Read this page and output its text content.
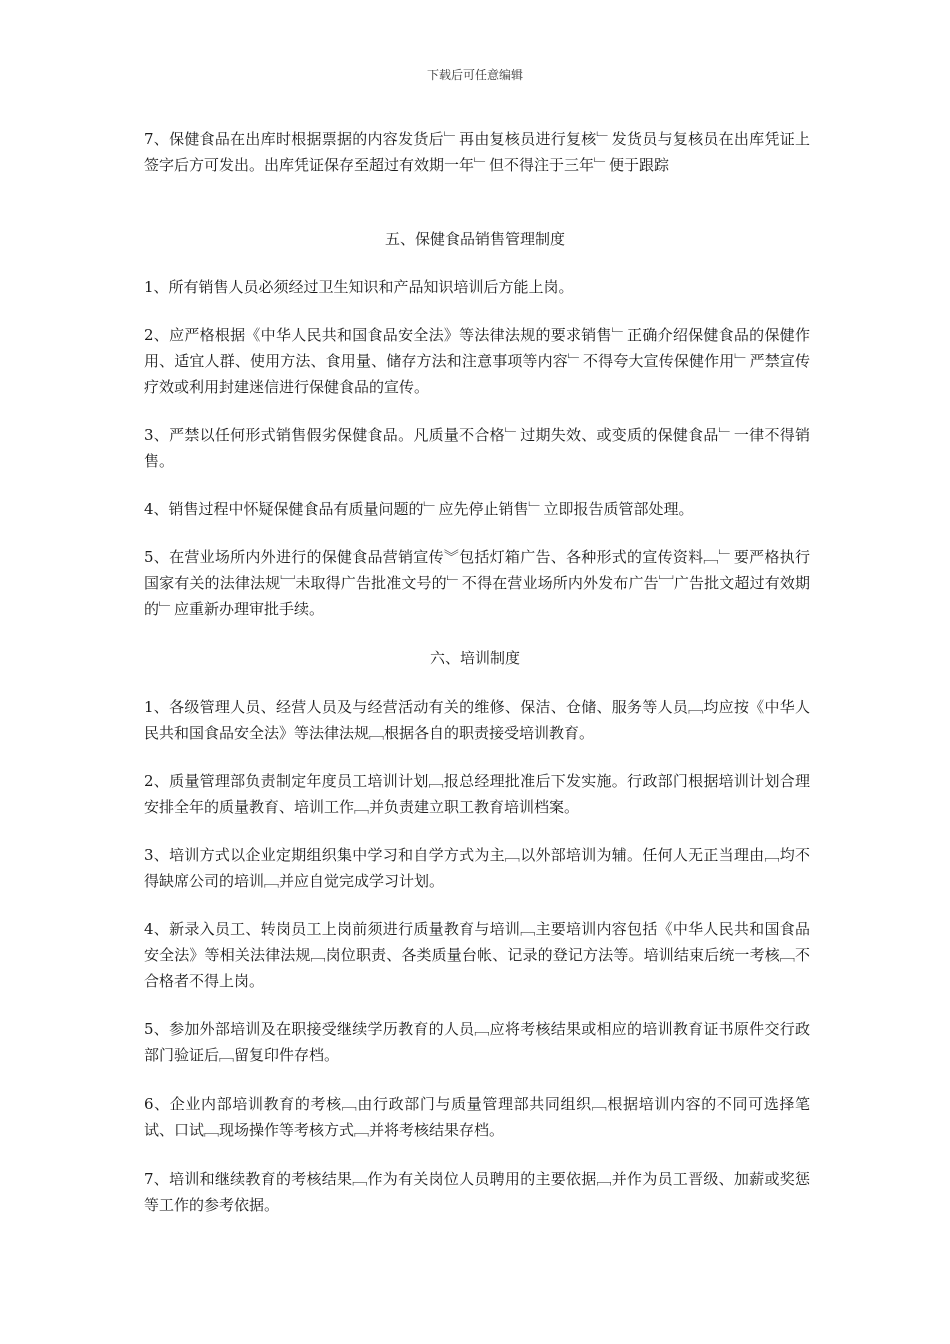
下载后可任意编辑

7、保健食品在出库时根据票据的内容发货后﹂再由复核员进行复核﹂发货员与复核员在出库凭证上签字后方可发出。出库凭证保存至超过有效期一年﹂但不得注于三年﹂便于跟踪

五、保健食品销售管理制度

1、所有销售人员必须经过卫生知识和产品知识培训后方能上岗。

2、应严格根据《中华人民共和国食品安全法》等法律法规的要求销售﹂正确介绍保健食品的保健作用、适宜人群、使用方法、食用量、储存方法和注意事项等内容﹂不得夸大宣传保健作用﹂严禁宣传疗效或利用封建迷信进行保健食品的宣传。

3、严禁以任何形式销售假劣保健食品。凡质量不合格﹂过期失效、或变质的保健食品﹂一律不得销售。

4、销售过程中怀疑保健食品有质量问题的﹂应先停止销售﹂立即报告质管部处理。

5、在营业场所内外进行的保健食品营销宣传︾包括灯箱广告、各种形式的宣传资料﹇﹂要严格执行国家有关的法律法规﹈未取得广告批准文号的﹂不得在营业场所内外发布广告﹈广告批文超过有效期的﹂应重新办理审批手续。

六、培训制度

1、各级管理人员、经营人员及与经营活动有关的维修、保洁、仓储、服务等人员﹇均应按《中华人民共和国食品安全法》等法律法规﹇根据各自的职责接受培训教育。

2、质量管理部负责制定年度员工培训计划﹇报总经理批准后下发实施。行政部门根据培训计划合理安排全年的质量教育、培训工作﹇并负责建立职工教育培训档案。

3、培训方式以企业定期组织集中学习和自学方式为主﹇以外部培训为辅。任何人无正当理由﹇均不得缺席公司的培训﹇并应自觉完成学习计划。

4、新录入员工、转岗员工上岗前须进行质量教育与培训﹇主要培训内容包括《中华人民共和国食品安全法》等相关法律法规﹇岗位职责、各类质量台帐、记录的登记方法等。培训结束后统一考核﹇不合格者不得上岗。

5、参加外部培训及在职接受继续学历教育的人员﹇应将考核结果或相应的培训教育证书原件交行政部门验证后﹇留复印件存档。

6、企业内部培训教育的考核﹇由行政部门与质量管理部共同组织﹇根据培训内容的不同可选择笔试、口试﹇现场操作等考核方式﹇并将考核结果存档。

7、培训和继续教育的考核结果﹇作为有关岗位人员聘用的主要依据﹇并作为员工晋级、加薪或奖惩等工作的参考依据。
